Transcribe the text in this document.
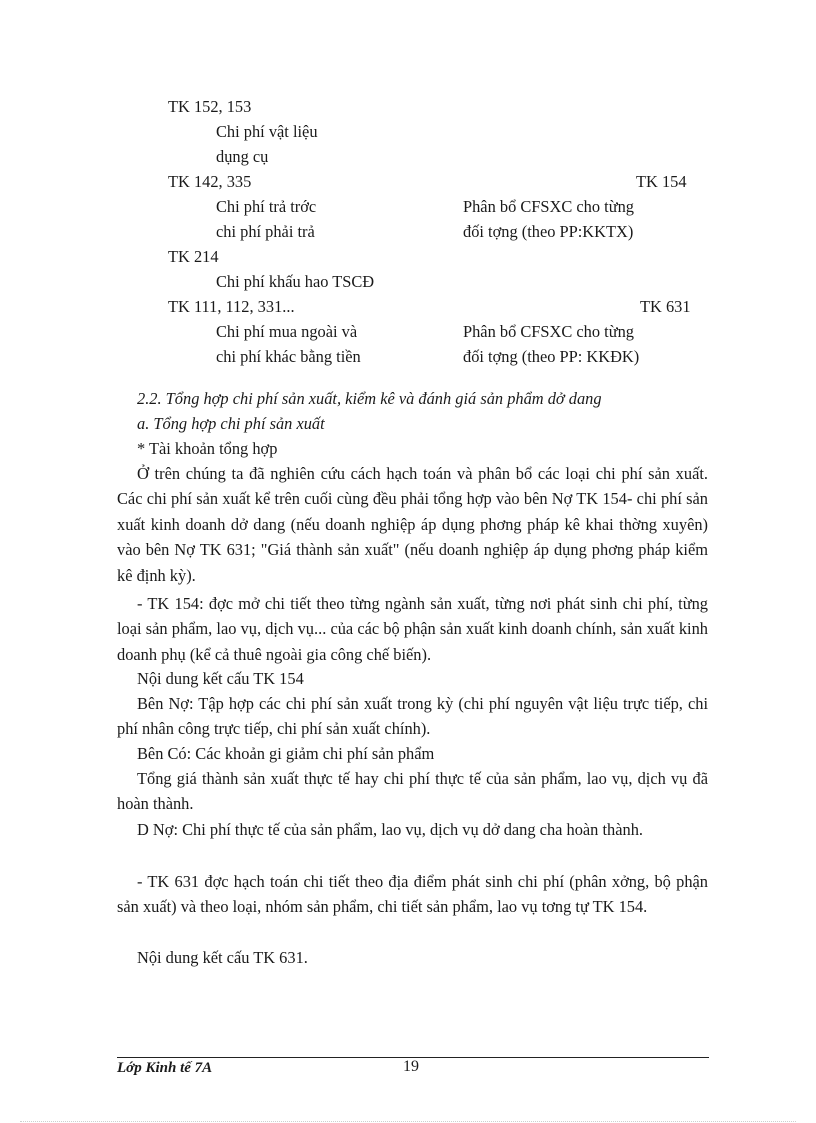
TK 152, 153
Chi phí vật liệu
dụng cụ
TK 142, 335	TK 154
Chi phí trả trớc	Phân bổ CFSXC cho từng
chi phí phải trả	đối tợng (theo PP:KKTX)
TK 214
Chi phí khấu hao TSCĐ
TK 111, 112, 331...	TK 631
Chi phí mua ngoài và	Phân bổ CFSXC cho từng
chi phí khác bằng tiền	đối tợng (theo PP: KKĐK)
2.2. Tổng hợp chi phí sản xuất, kiểm kê và đánh giá sản phẩm dở dang
a. Tổng hợp chi phí sản xuất
* Tài khoản tổng hợp

Ở trên chúng ta đã nghiên cứu cách hạch toán và phân bổ các loại chi phí sản xuất. Các chi phí sản xuất kể trên cuối cùng đều phải tổng hợp vào bên Nợ TK 154- chi phí sản xuất kinh doanh dở dang (nếu doanh nghiệp áp dụng phơng pháp kê khai thờng xuyên) vào bên Nợ TK 631; "Giá thành sản xuất" (nếu doanh nghiệp áp dụng phơng pháp kiểm kê định kỳ).

- TK 154: đợc mở chi tiết theo từng ngành sản xuất, từng nơi phát sinh chi phí, từng loại sản phẩm, lao vụ, dịch vụ... của các bộ phận sản xuất kinh doanh chính, sản xuất kinh doanh phụ (kể cả thuê ngoài gia công chế biến).

Nội dung kết cấu TK 154

Bên Nợ: Tập hợp các chi phí sản xuất trong kỳ (chi phí nguyên vật liệu trực tiếp, chi phí nhân công trực tiếp, chi phí sản xuất chính).

Bên Có: Các khoản gi giảm chi phí sản phẩm

Tổng giá thành sản xuất thực tế hay chi phí thực tế của sản phẩm, lao vụ, dịch vụ đã hoàn thành.

D Nợ: Chi phí thực tế của sản phẩm, lao vụ, dịch vụ dở dang cha hoàn thành.

- TK 631 đợc hạch toán chi tiết theo địa điểm phát sinh chi phí (phân xởng, bộ phận sản xuất) và theo loại, nhóm sản phẩm, chi tiết sản phẩm, lao vụ tơng tự TK 154.

Nội dung kết cấu TK 631.

Lớp Kinh tế 7A	19
